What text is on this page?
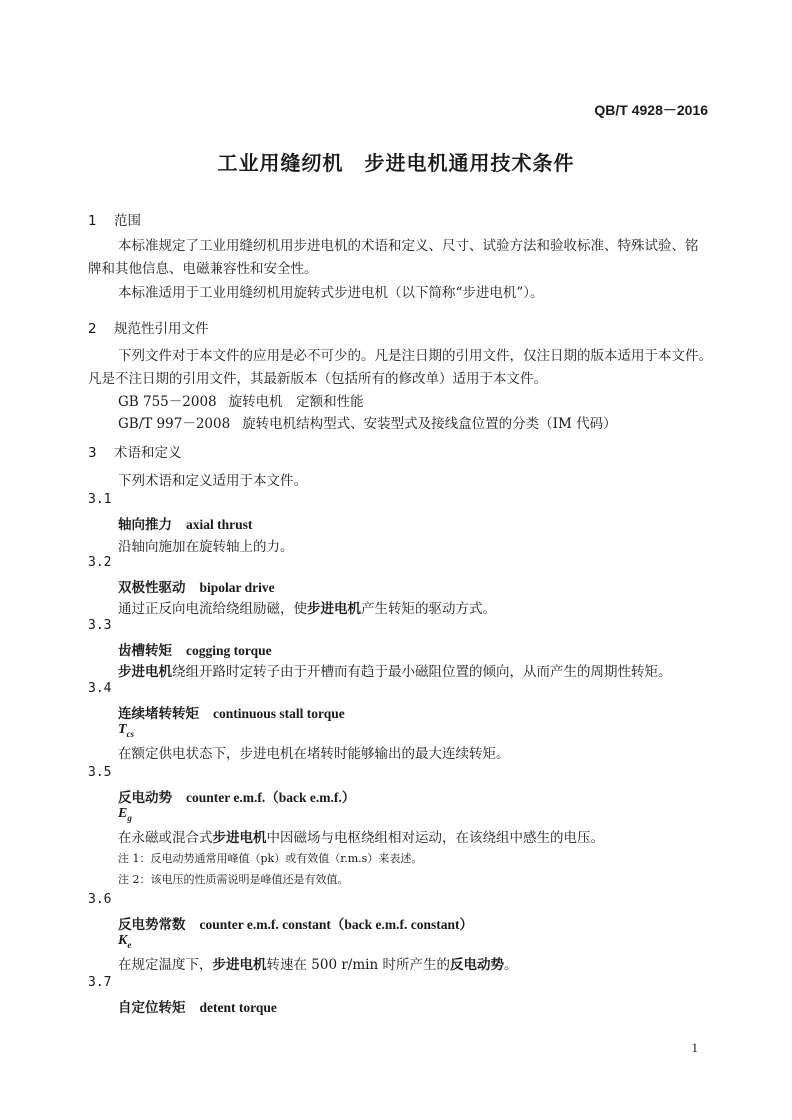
QB/T 4928－2016
工业用缝纫机　步进电机通用技术条件
1 范围
本标准规定了工业用缝纫机用步进电机的术语和定义、尺寸、试验方法和验收标准、特殊试验、铭牌和其他信息、电磁兼容性和安全性。
本标准适用于工业用缝纫机用旋转式步进电机（以下简称“步进电机”）。
2 规范性引用文件
下列文件对于本文件的应用是必不可少的。凡是注日期的引用文件，仅注日期的版本适用于本文件。
凡是不注日期的引用文件，其最新版本（包括所有的修改单）适用于本文件。
GB 755－2008 旋转电机　定额和性能
GB/T 997－2008 旋转电机结构型式、安装型式及接线盒位置的分类（IM 代码）
3 术语和定义
下列术语和定义适用于本文件。
3.1
轴向推力 axial thrust
沿轴向施加在旋转轴上的力。
3.2
双极性驱动 bipolar drive
通过正反向电流给绕组励磁，使步进电机产生转矩的驱动方式。
3.3
齿槽转矩 cogging torque
步进电机绕组开路时定转子由于开槽而有趋于最小磁阻位置的倾向，从而产生的周期性转矩。
3.4
连续堵转转矩 continuous stall torque
$T_{cs}$
在额定供电状态下，步进电机在堵转时能够输出的最大连续转矩。
3.5
反电动势 counter e.m.f.（back e.m.f.）
$E_g$
在永磁或混合式步进电机中因磁场与电枢绕组相对运动，在该绕组中感生的电压。
注 1：反电动势通常用峰值（pk）或有效值（r.m.s）来表述。
注 2：该电压的性质需说明是峰值还是有效值。
3.6
反电势常数 counter e.m.f. constant（back e.m.f. constant）
$K_e$
在规定温度下，步进电机转速在 500 r/min 时所产生的反电动势。
3.7
自定位转矩 detent torque
1
